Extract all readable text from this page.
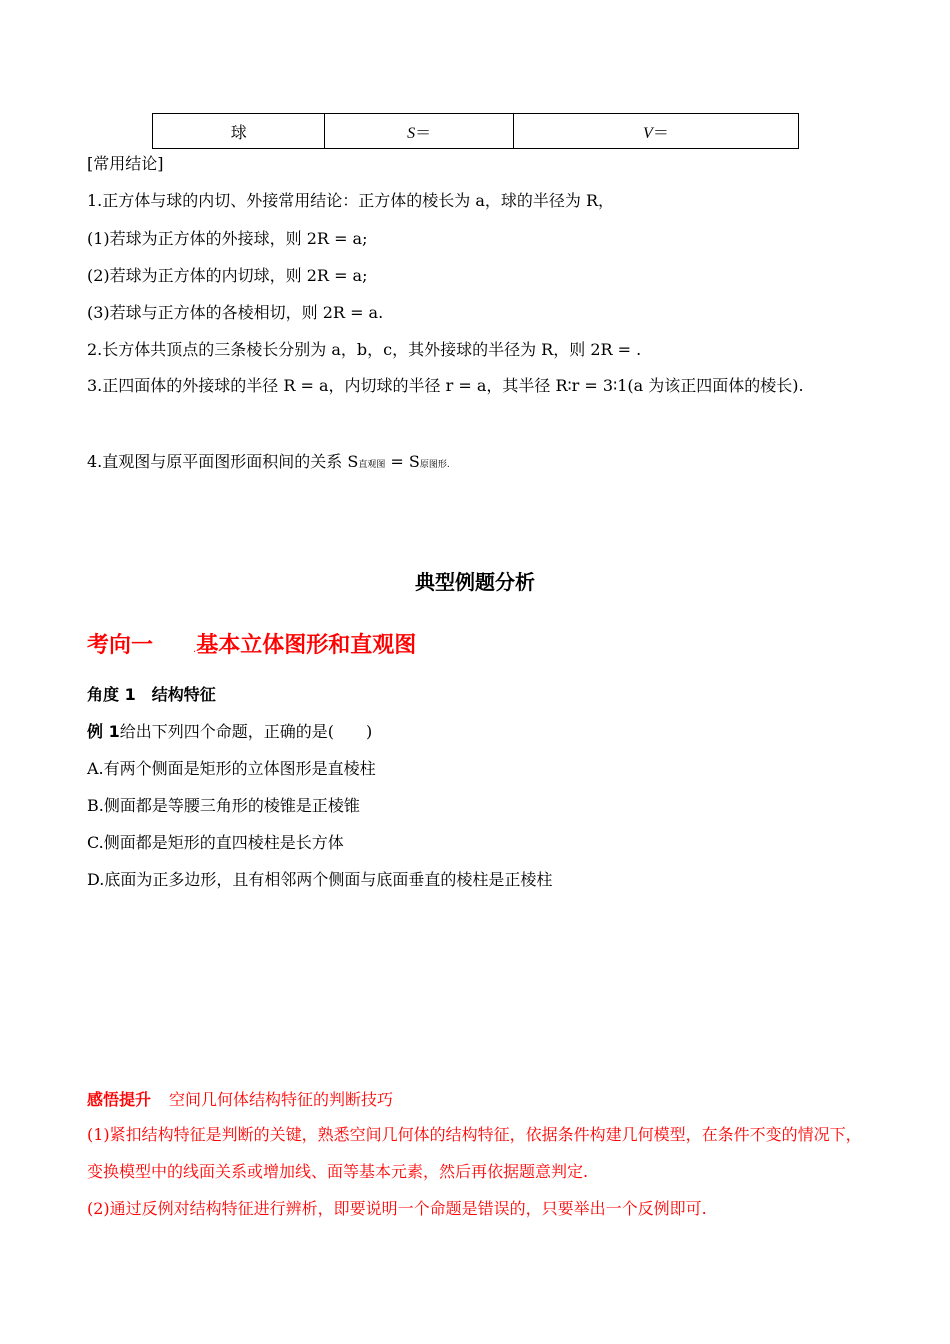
球	S＝	V＝
[常用结论]
1.正方体与球的内切、外接常用结论：正方体的棱长为 a，球的半径为 R，
(1)若球为正方体的外接球，则 2R = a;
(2)若球为正方体的内切球，则 2R = a;
(3)若球与正方体的各棱相切，则 2R = a.
2.长方体共顶点的三条棱长分别为 a，b，c，其外接球的半径为 R，则 2R = .
3.正四面体的外接球的半径 R = a，内切球的半径 r = a，其半径 R∶r = 3∶1(a 为该正四面体的棱长).
4.直观图与原平面图形面积间的关系 S直观图 = S原图形.
典型例题分析
考向一	.基本立体图形和直观图
角度 1 结构特征
例 1给出下列四个命题，正确的是(　　)
A.有两个侧面是矩形的立体图形是直棱柱
B.侧面都是等腰三角形的棱锥是正棱锥
C.侧面都是矩形的直四棱柱是长方体
D.底面为正多边形，且有相邻两个侧面与底面垂直的棱柱是正棱柱
感悟提升 空间几何体结构特征的判断技巧
(1)紧扣结构特征是判断的关键，熟悉空间几何体的结构特征，依据条件构建几何模型，在条件不变的情况下，变换模型中的线面关系或增加线、面等基本元素，然后再依据题意判定.
(2)通过反例对结构特征进行辨析，即要说明一个命题是错误的，只要举出一个反例即可.
